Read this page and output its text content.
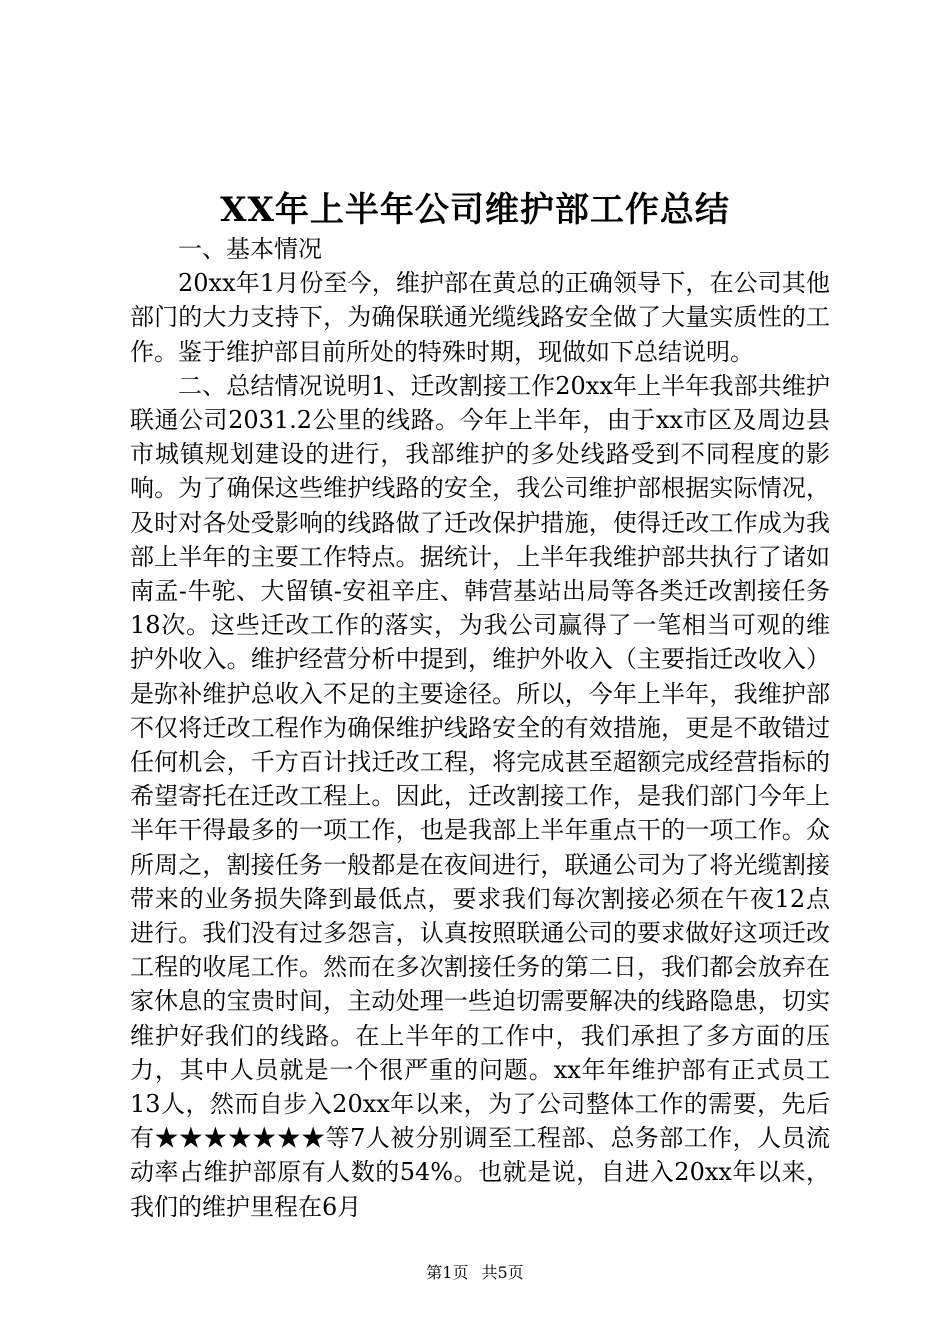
XX年上半年公司维护部工作总结

一、基本情况

20xx年1月份至今，维护部在黄总的正确领导下，在公司其他部门的大力支持下，为确保联通光缆线路安全做了大量实质性的工作。鉴于维护部目前所处的特殊时期，现做如下总结说明。

二、总结情况说明1、迁改割接工作20xx年上半年我部共维护联通公司2031.2公里的线路。今年上半年，由于xx市区及周边县市城镇规划建设的进行，我部维护的多处线路受到不同程度的影响。为了确保这些维护线路的安全，我公司维护部根据实际情况，及时对各处受影响的线路做了迁改保护措施，使得迁改工作成为我部上半年的主要工作特点。据统计，上半年我维护部共执行了诸如南孟-牛驼、大留镇-安祖辛庄、韩营基站出局等各类迁改割接任务18次。这些迁改工作的落实，为我公司赢得了一笔相当可观的维护外收入。维护经营分析中提到，维护外收入（主要指迁改收入）是弥补维护总收入不足的主要途径。所以，今年上半年，我维护部不仅将迁改工程作为确保维护线路安全的有效措施，更是不敢错过任何机会，千方百计找迁改工程，将完成甚至超额完成经营指标的希望寄托在迁改工程上。因此，迁改割接工作，是我们部门今年上半年干得最多的一项工作，也是我部上半年重点干的一项工作。众所周之，割接任务一般都是在夜间进行，联通公司为了将光缆割接带来的业务损失降到最低点，要求我们每次割接必须在午夜12点进行。我们没有过多怨言，认真按照联通公司的要求做好这项迁改工程的收尾工作。然而在多次割接任务的第二日，我们都会放弃在家休息的宝贵时间，主动处理一些迫切需要解决的线路隐患，切实维护好我们的线路。在上半年的工作中，我们承担了多方面的压力，其中人员就是一个很严重的问题。xx年年维护部有正式员工13人，然而自步入20xx年以来，为了公司整体工作的需要，先后有★★★★★★★等7人被分别调至工程部、总务部工作，人员流动率占维护部原有人数的54%。也就是说，自进入20xx年以来，我们的维护里程在6月

第1页 共5页
